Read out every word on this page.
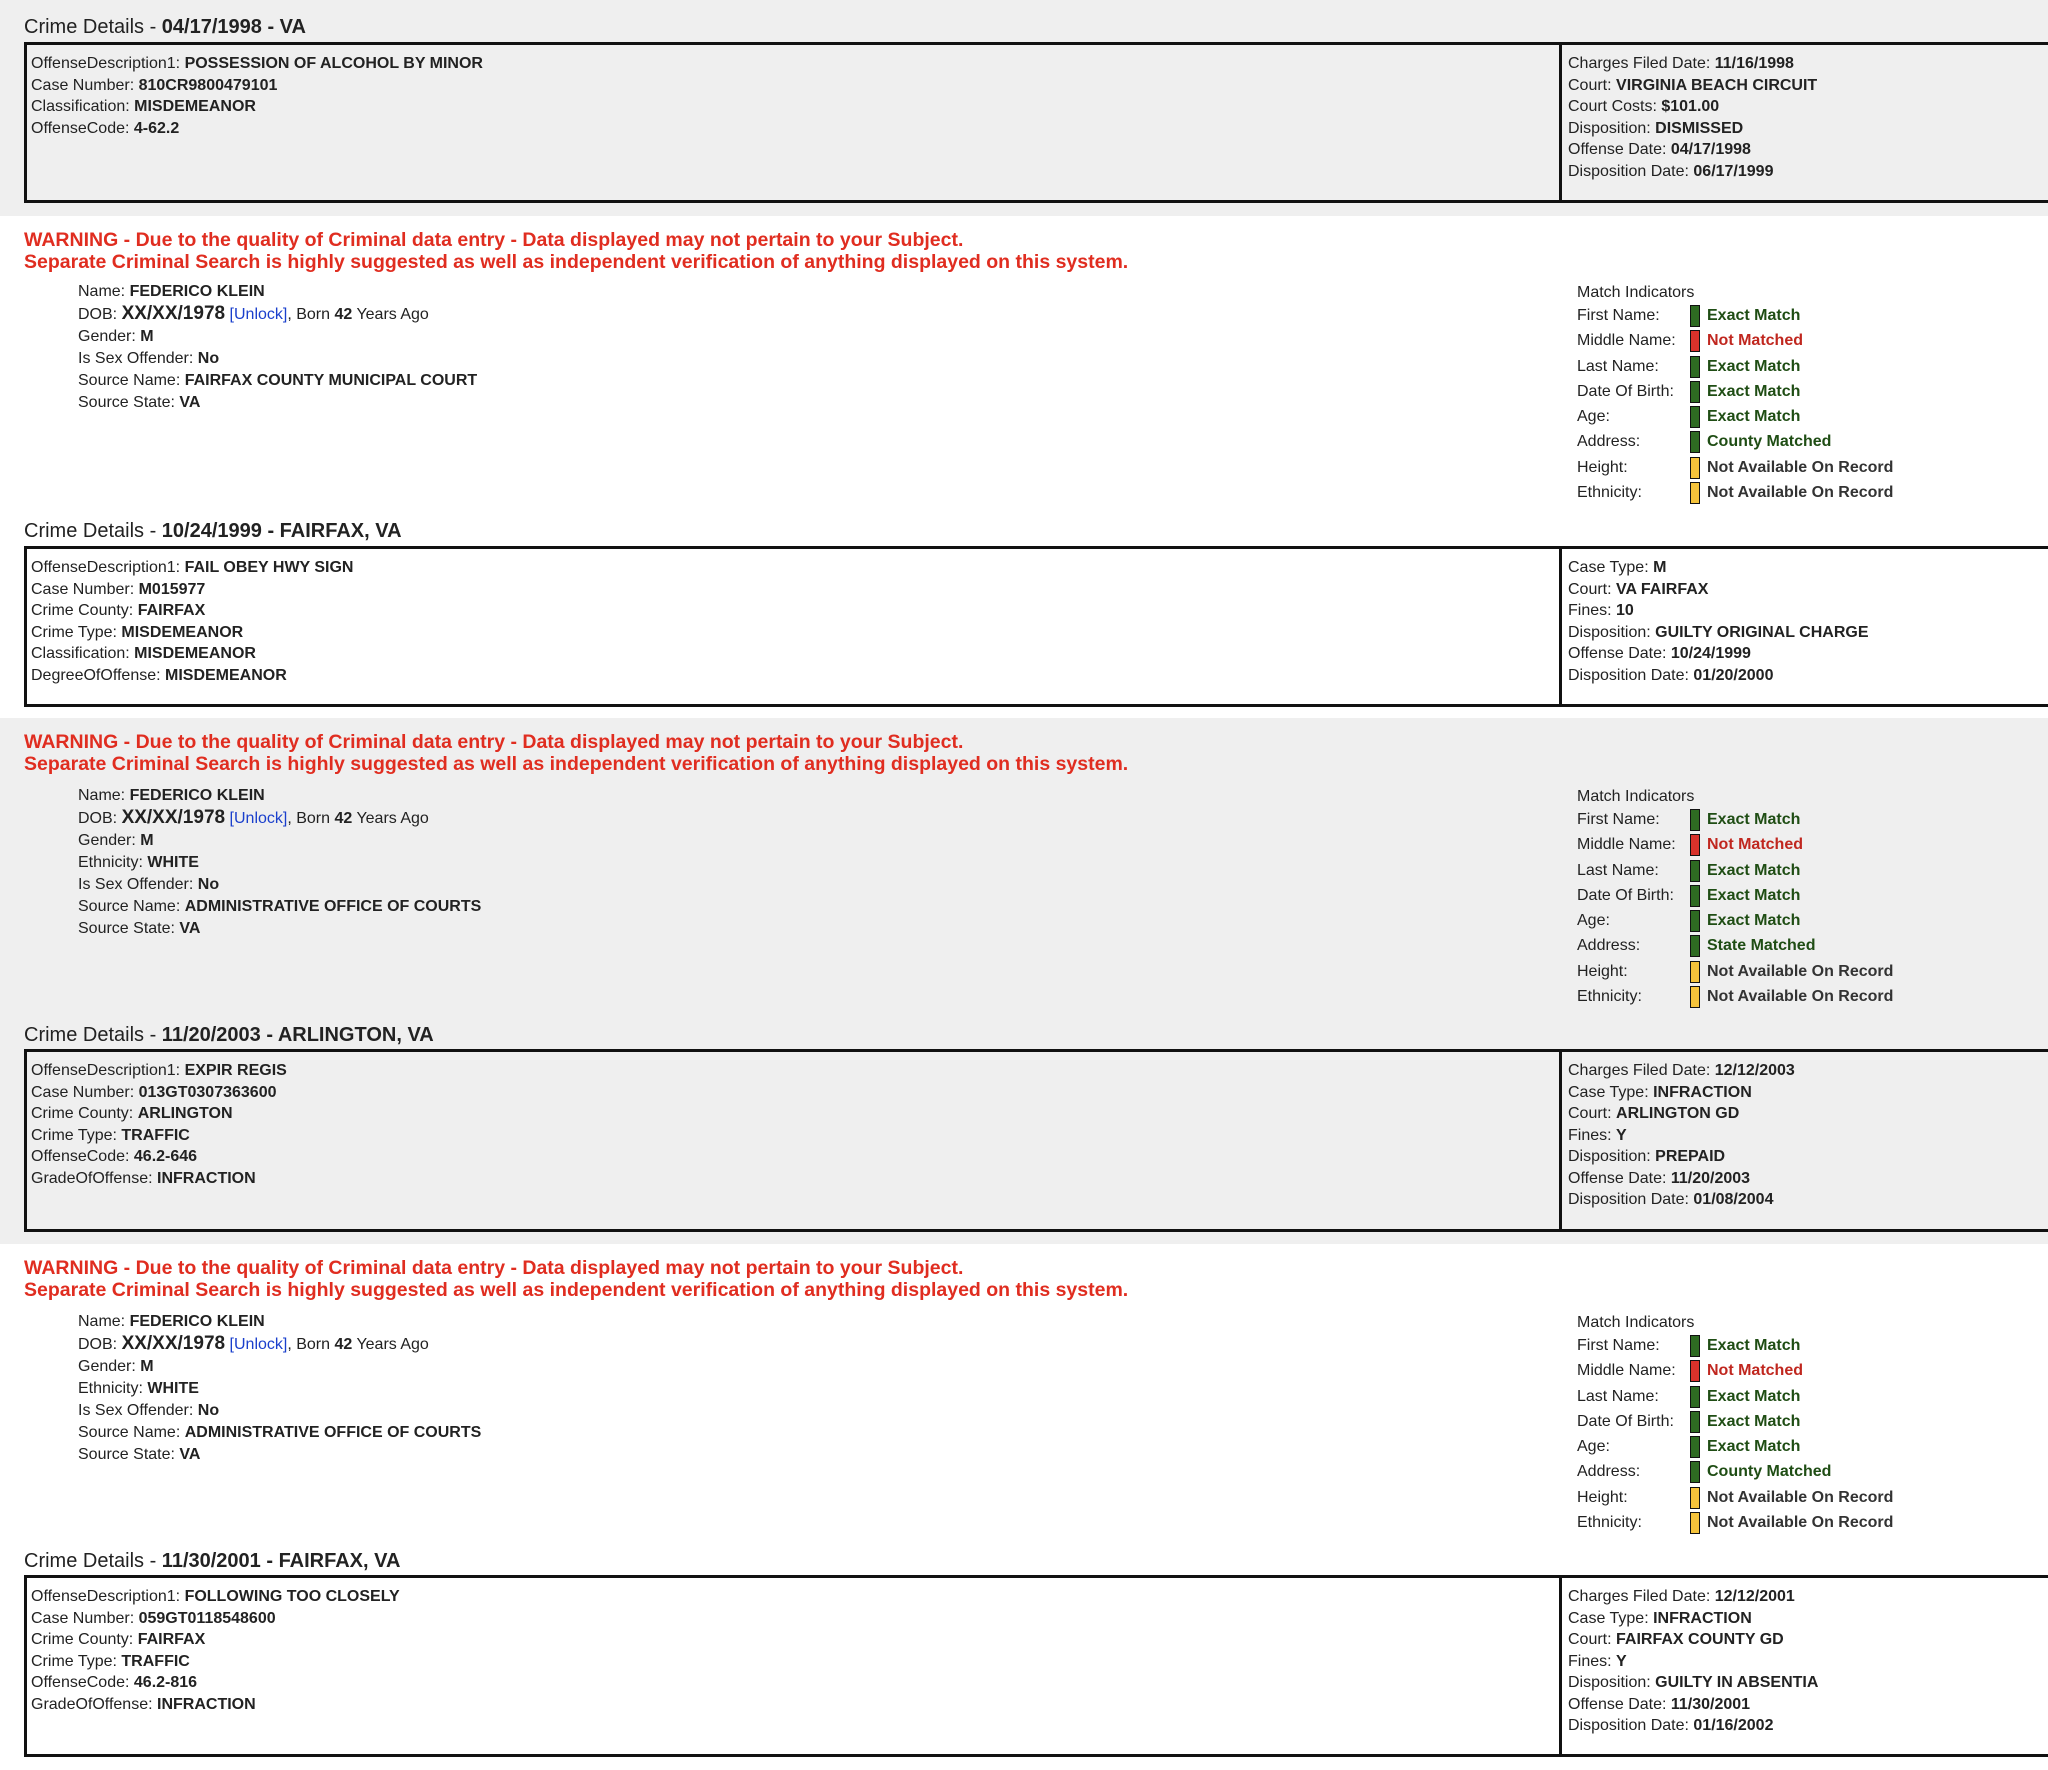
Crime Details - 04/17/1998 - VA
OffenseDescription1: POSSESSION OF ALCOHOL BY MINOR
Case Number: 810CR9800479101
Classification: MISDEMEANOR
OffenseCode: 4-62.2
Charges Filed Date: 11/16/1998
Court: VIRGINIA BEACH CIRCUIT
Court Costs: $101.00
Disposition: DISMISSED
Offense Date: 04/17/1998
Disposition Date: 06/17/1999
WARNING - Due to the quality of Criminal data entry - Data displayed may not pertain to your Subject.
Separate Criminal Search is highly suggested as well as independent verification of anything displayed on this system.
Name: FEDERICO KLEIN
DOB: XX/XX/1978 [Unlock], Born 42 Years Ago
Gender: M
Is Sex Offender: No
Source Name: FAIRFAX COUNTY MUNICIPAL COURT
Source State: VA
Match Indicators
First Name:	Exact Match
Middle Name: Not Matched
Last Name:	Exact Match
Date Of Birth: Exact Match
Age:	Exact Match
Address:	County Matched
Height:	Not Available On Record
Ethnicity:	Not Available On Record
Crime Details - 10/24/1999 - FAIRFAX, VA
OffenseDescription1: FAIL OBEY HWY SIGN
Case Number: M015977
Crime County: FAIRFAX
Crime Type: MISDEMEANOR
Classification: MISDEMEANOR
DegreeOfOffense: MISDEMEANOR
Case Type: M
Court: VA FAIRFAX
Fines: 10
Disposition: GUILTY ORIGINAL CHARGE
Offense Date: 10/24/1999
Disposition Date: 01/20/2000
WARNING - Due to the quality of Criminal data entry - Data displayed may not pertain to your Subject.
Separate Criminal Search is highly suggested as well as independent verification of anything displayed on this system.
Name: FEDERICO KLEIN
DOB: XX/XX/1978 [Unlock], Born 42 Years Ago
Gender: M
Ethnicity: WHITE
Is Sex Offender: No
Source Name: ADMINISTRATIVE OFFICE OF COURTS
Source State: VA
Match Indicators
First Name:	Exact Match
Middle Name: Not Matched
Last Name:	Exact Match
Date Of Birth: Exact Match
Age:	Exact Match
Address:	State Matched
Height:	Not Available On Record
Ethnicity:	Not Available On Record
Crime Details - 11/20/2003 - ARLINGTON, VA
OffenseDescription1: EXPIR REGIS
Case Number: 013GT0307363600
Crime County: ARLINGTON
Crime Type: TRAFFIC
OffenseCode: 46.2-646
GradeOfOffense: INFRACTION
Charges Filed Date: 12/12/2003
Case Type: INFRACTION
Court: ARLINGTON GD
Fines: Y
Disposition: PREPAID
Offense Date: 11/20/2003
Disposition Date: 01/08/2004
WARNING - Due to the quality of Criminal data entry - Data displayed may not pertain to your Subject.
Separate Criminal Search is highly suggested as well as independent verification of anything displayed on this system.
Name: FEDERICO KLEIN
DOB: XX/XX/1978 [Unlock], Born 42 Years Ago
Gender: M
Ethnicity: WHITE
Is Sex Offender: No
Source Name: ADMINISTRATIVE OFFICE OF COURTS
Source State: VA
Match Indicators
First Name:	Exact Match
Middle Name: Not Matched
Last Name:	Exact Match
Date Of Birth: Exact Match
Age:	Exact Match
Address:	County Matched
Height:	Not Available On Record
Ethnicity:	Not Available On Record
Crime Details - 11/30/2001 - FAIRFAX, VA
OffenseDescription1: FOLLOWING TOO CLOSELY
Case Number: 059GT0118548600
Crime County: FAIRFAX
Crime Type: TRAFFIC
OffenseCode: 46.2-816
GradeOfOffense: INFRACTION
Charges Filed Date: 12/12/2001
Case Type: INFRACTION
Court: FAIRFAX COUNTY GD
Fines: Y
Disposition: GUILTY IN ABSENTIA
Offense Date: 11/30/2001
Disposition Date: 01/16/2002
